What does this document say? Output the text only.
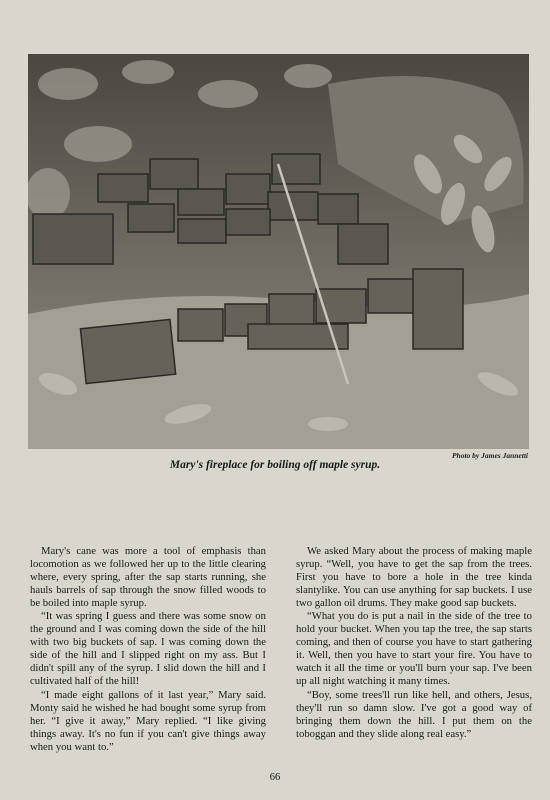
Photo by James Jannetti
Mary's fireplace for boiling off maple syrup.

Mary's cane was more a tool of emphasis than locomotion as we followed her up to the little clearing where, every spring, after the sap starts running, she hauls barrels of sap through the snow filled woods to be boiled into maple syrup.

“It was spring I guess and there was some snow on the ground and I was coming down the side of the hill with two big buckets of sap. I was coming down the side of the hill and I slipped right on my ass. But I didn't spill any of the syrup. I slid down the hill and I cultivated half of the hill!

“I made eight gallons of it last year,” Mary said. Monty said he wished he had bought some syrup from her. “I give it away,” Mary replied. “I like giving things away. It's no fun if you can't give things away when you want to.”

We asked Mary about the process of making maple syrup. “Well, you have to get the sap from the trees. First you have to bore a hole in the tree kinda slantylike. You can use anything for sap buckets. I use two gallon oil drums. They make good sap buckets.

“What you do is put a nail in the side of the tree to hold your bucket. When you tap the tree, the sap starts coming, and then of course you have to start gathering it. Well, then you have to start your fire. You have to watch it all the time or you'll burn your sap. I've been up all night watching it many times.

“Boy, some trees'll run like hell, and others, Jesus, they'll run so damn slow. I've got a good way of bringing them down the hill. I put them on the toboggan and they slide along real easy.”

66
